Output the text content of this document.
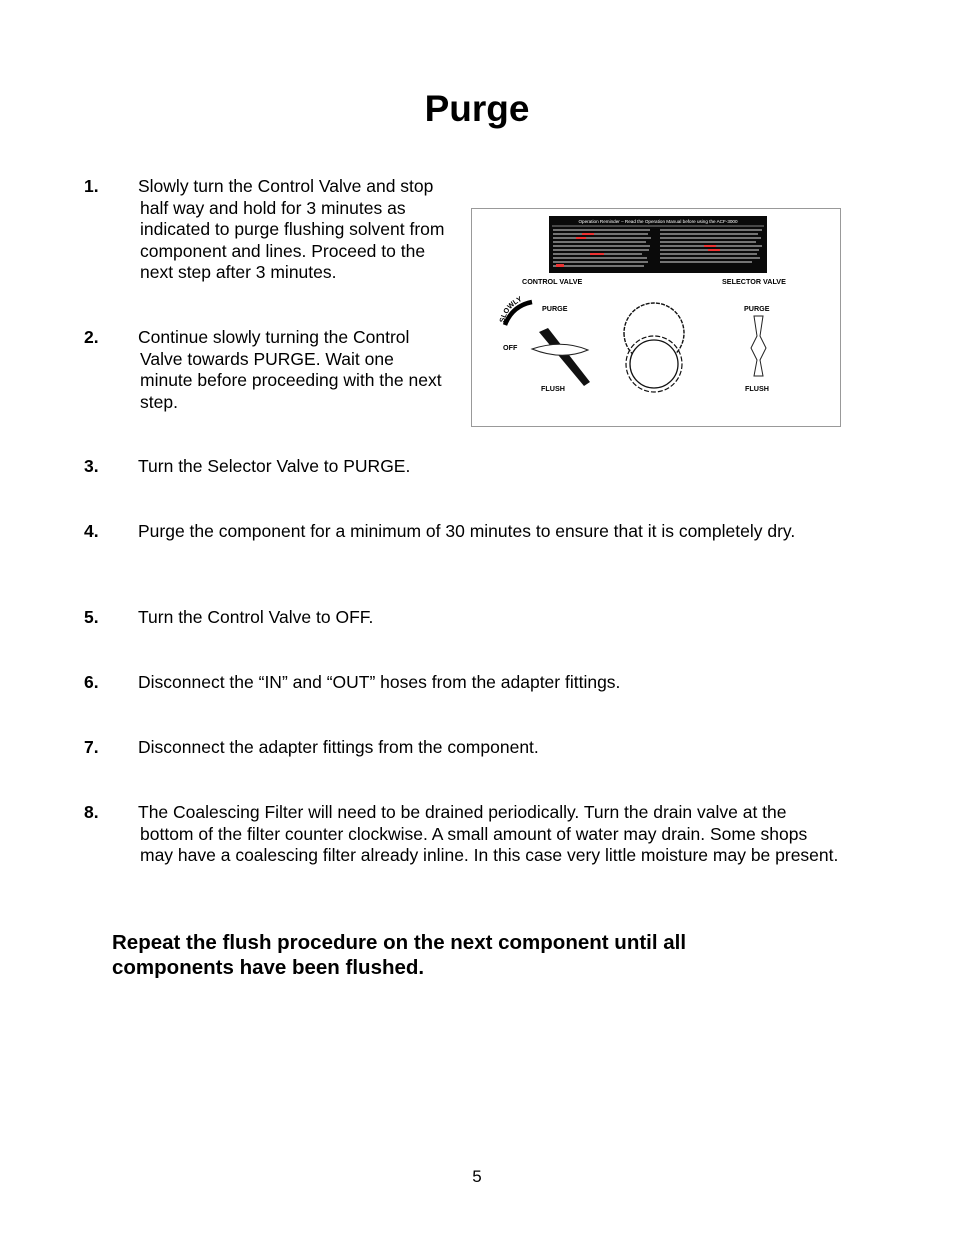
Purge
1. Slowly turn the Control Valve and stop half way and hold for 3 minutes as indicated to purge flushing solvent from component and lines. Proceed to the next step after 3 minutes.
2. Continue slowly turning the Control Valve towards PURGE. Wait one minute before proceeding with the next step.
3. Turn the Selector Valve to PURGE.
4. Purge the component for a minimum of 30 minutes to ensure that it is completely dry.
5. Turn the Control Valve to OFF.
6. Disconnect the “IN” and “OUT” hoses from the adapter fittings.
7. Disconnect the adapter fittings from the component.
8. The Coalescing Filter will need to be drained periodically. Turn the drain valve at the bottom of the filter counter clockwise. A small amount of water may drain. Some shops may have a coalescing filter already inline. In this case very little moisture may be present.
Operation Reminder – Read the Operation Manual before using the ACF-3000
CONTROL VALVE	SELECTOR VALVE
SLOWLY
PURGE
OFF
FLUSH
PURGE
FLUSH
Repeat the flush procedure on the next component until all components have been flushed.
5
